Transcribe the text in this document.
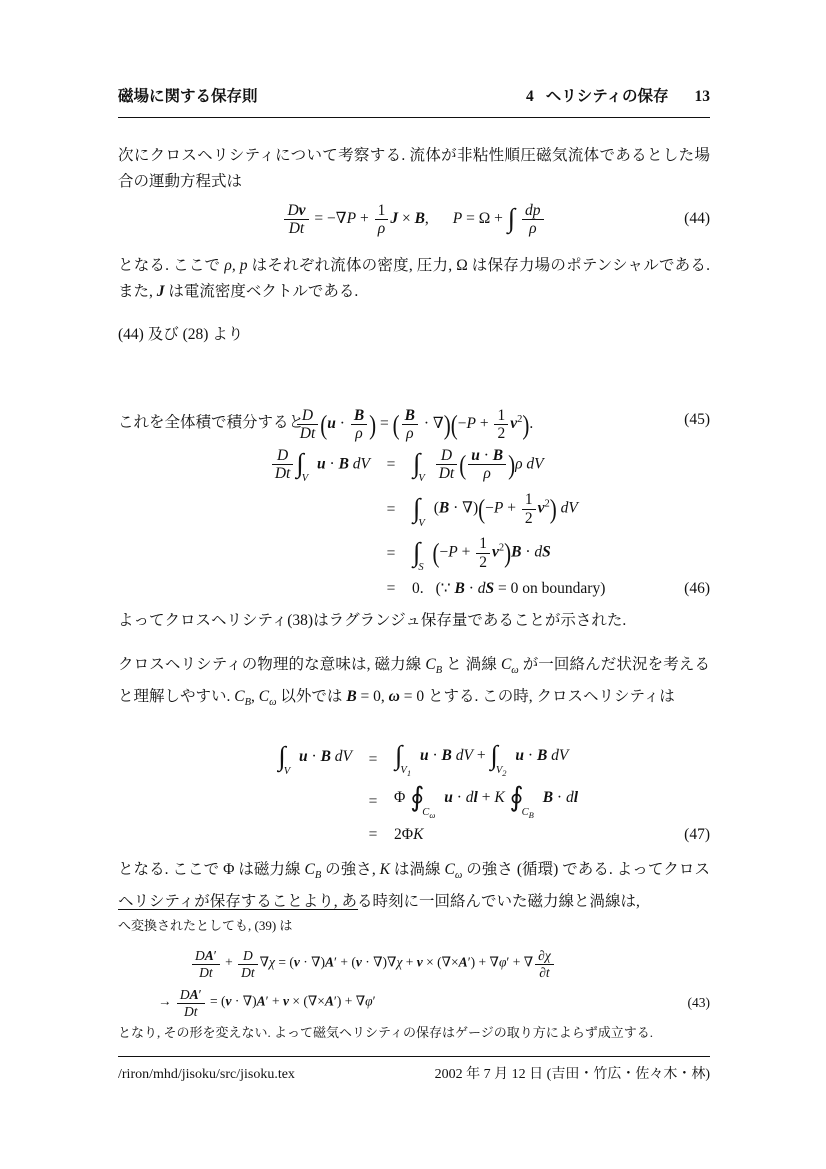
磁場に関する保存則	4 ヘリシティの保存 13
次にクロスヘリシティについて考察する. 流体が非粘性順圧磁気流体であるとした場合の運動方程式は
$\frac{Dv}{Dt} = -\nabla P + \frac{1}{\rho}$ J × B, P = Ω + ∫ $\frac{dp}{\rho}$	(44)
となる. ここで ρ, p はそれぞれ流体の密度, 圧力, Ω は保存力場のポテンシャルである. また, J は電流密度ベクトルである.
(44) 及び (28) より
$\frac{D}{Dt} (u \cdot \frac{B}{\rho}$ ) = ( $\frac{B}{\rho} \cdot \nabla)(-P + \frac{1}{2} v^2)$.	(45)
これを全体積で積分すると
$\frac{D}{Dt} \int_V$ u · B dV	= $\int_V \frac{D}{Dt}$ ( $\frac{u \cdot B}{\rho} )\rho$ dV
= $\int_V$ $(B \cdot \nabla)(-P + \frac{1}{2} v^2)$ dV
= $\int_S$ $(-P + \frac{1}{2} v^2)B$ · dS
=	0. (∵ B · dS = 0 on boundary)	(46)
よってクロスヘリシティ(38)はラグランジュ保存量であることが示された.
クロスヘリシティの物理的な意味は, 磁力線 $C_B$ と 渦線 $C_\omega$ が一回絡んだ状況を考えると理解しやすい. $C_B$, $C_\omega$ 以外では B = 0, ω = 0 とする. この時, クロスヘリシティは
$\int_V$ u · B dV	= $\int_{V_1}$ u · B dV + $\int_{V_2}$ u · B dV
=	Φ $∮_{C_\omega}$ u · dl + K $∮_{C_B}$ B · dl
=	2ΦK	(47)
となる. ここで Φ は磁力線 $C_B$ の強さ, K は渦線 $C_\omega$ の強さ (循環) である. よってクロスヘリシティが保存することより, ある時刻に一回絡んでいた磁力線と渦線は,
へ変換されたとしても, (39) は
$\frac{DA'}{Dt} + \frac{D}{Dt} \nabla\chi = (v \cdot \nabla)A' + (v \cdot \nabla)\nabla\chi + v \times (\nabla\times A') + \nabla\varphi'$ + ∇ $\frac{\partial\chi}{\partial t}$
→ $\frac{DA'}{Dt} = (v \cdot \nabla)A' + v \times (\nabla\times A') + \nabla\varphi'$	(43)
となり, その形を変えない. よって磁気ヘリシティの保存はゲージの取り方によらず成立する.
/riron/mhd/jisoku/src/jisoku.tex	2002 年 7 月 12 日 (吉田・竹広・佐々木・林)
